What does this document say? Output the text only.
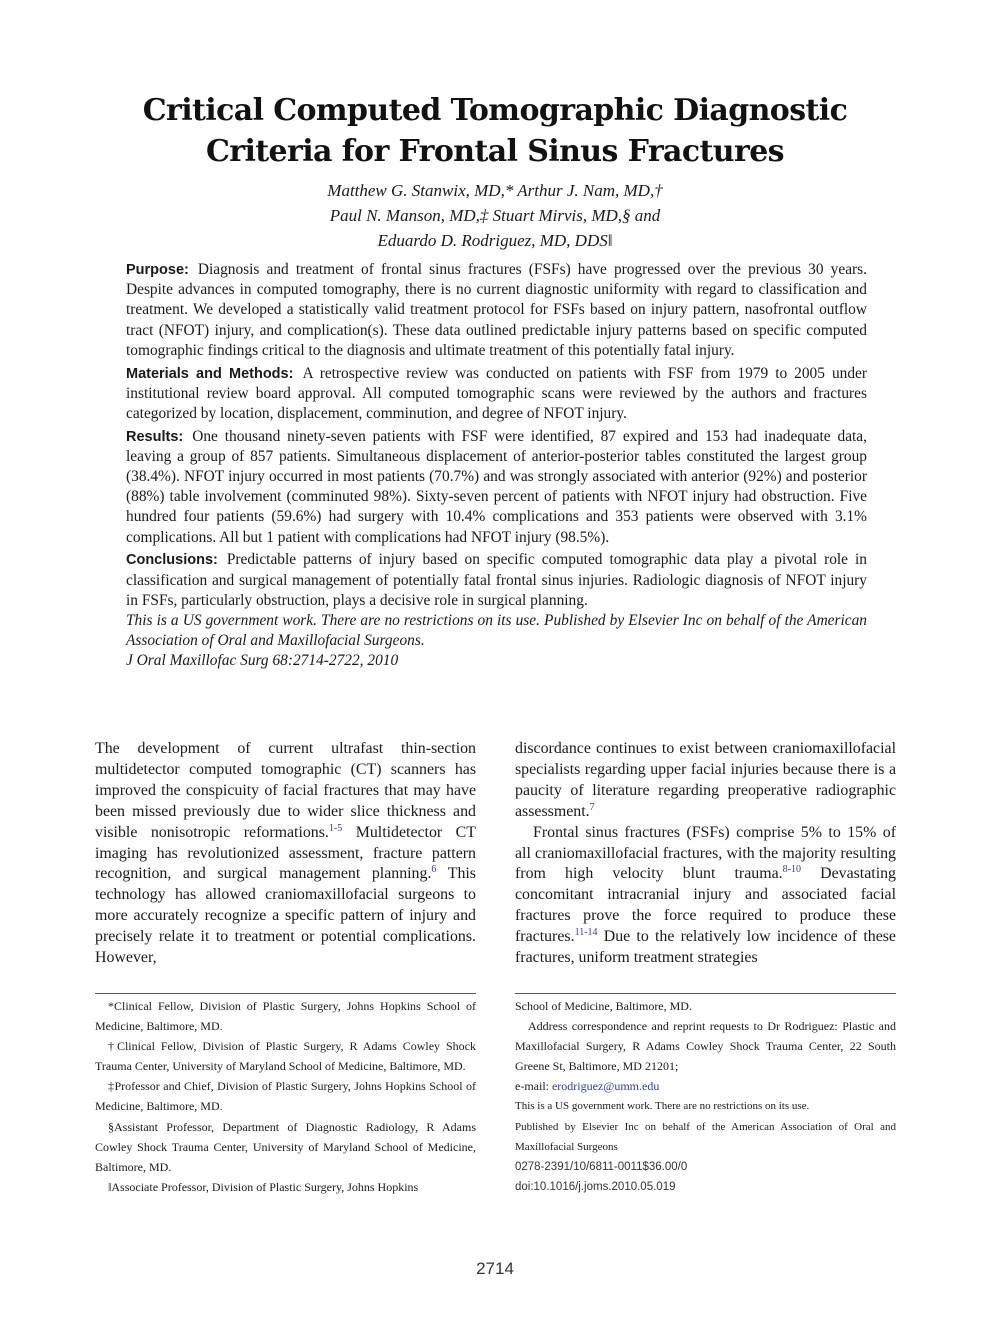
Critical Computed Tomographic Diagnostic
Criteria for Frontal Sinus Fractures
Matthew G. Stanwix, MD,* Arthur J. Nam, MD,†
Paul N. Manson, MD,‡ Stuart Mirvis, MD,§ and
Eduardo D. Rodriguez, MD, DDS‖

Purpose: Diagnosis and treatment of frontal sinus fractures (FSFs) have progressed over the previous 30 years. Despite advances in computed tomography, there is no current diagnostic uniformity with regard to classification and treatment. We developed a statistically valid treatment protocol for FSFs based on injury pattern, nasofrontal outflow tract (NFOT) injury, and complication(s). These data outlined predictable injury patterns based on specific computed tomographic findings critical to the diagnosis and ultimate treatment of this potentially fatal injury.

Materials and Methods: A retrospective review was conducted on patients with FSF from 1979 to 2005 under institutional review board approval. All computed tomographic scans were reviewed by the authors and fractures categorized by location, displacement, comminution, and degree of NFOT injury.

Results: One thousand ninety-seven patients with FSF were identified, 87 expired and 153 had inadequate data, leaving a group of 857 patients. Simultaneous displacement of anterior-posterior tables constituted the largest group (38.4%). NFOT injury occurred in most patients (70.7%) and was strongly associated with anterior (92%) and posterior (88%) table involvement (comminuted 98%). Sixty-seven percent of patients with NFOT injury had obstruction. Five hundred four patients (59.6%) had surgery with 10.4% complications and 353 patients were observed with 3.1% complications. All but 1 patient with complications had NFOT injury (98.5%).

Conclusions: Predictable patterns of injury based on specific computed tomographic data play a pivotal role in classification and surgical management of potentially fatal frontal sinus injuries. Radiologic diagnosis of NFOT injury in FSFs, particularly obstruction, plays a decisive role in surgical planning.

This is a US government work. There are no restrictions on its use. Published by Elsevier Inc on behalf of the American Association of Oral and Maxillofacial Surgeons.

J Oral Maxillofac Surg 68:2714-2722, 2010

The development of current ultrafast thin-section multidetector computed tomographic (CT) scanners has improved the conspicuity of facial fractures that may have been missed previously due to wider slice thickness and visible nonisotropic reformations.$^{1-5}$ Multidetector CT imaging has revolutionized assessment, fracture pattern recognition, and surgical management planning.$^6$ This technology has allowed craniomaxillofacial surgeons to more accurately recognize a specific pattern of injury and precisely relate it to treatment or potential complications. However,

discordance continues to exist between craniomaxillofacial specialists regarding upper facial injuries because there is a paucity of literature regarding preoperative radiographic assessment.$^7$

Frontal sinus fractures (FSFs) comprise 5% to 15% of all craniomaxillofacial fractures, with the majority resulting from high velocity blunt trauma.$^{8-10}$ Devastating concomitant intracranial injury and associated facial fractures prove the force required to produce these fractures.$^{11-14}$ Due to the relatively low incidence of these fractures, uniform treatment strategies

*Clinical Fellow, Division of Plastic Surgery, Johns Hopkins School of Medicine, Baltimore, MD.

†Clinical Fellow, Division of Plastic Surgery, R Adams Cowley Shock Trauma Center, University of Maryland School of Medicine, Baltimore, MD.

‡Professor and Chief, Division of Plastic Surgery, Johns Hopkins School of Medicine, Baltimore, MD.

§Assistant Professor, Department of Diagnostic Radiology, R Adams Cowley Shock Trauma Center, University of Maryland School of Medicine, Baltimore, MD.

‖Associate Professor, Division of Plastic Surgery, Johns Hopkins

School of Medicine, Baltimore, MD.

Address correspondence and reprint requests to Dr Rodriguez: Plastic and Maxillofacial Surgery, R Adams Cowley Shock Trauma Center, 22 South Greene St, Baltimore, MD 21201;

e-mail: erodriguez@umm.edu

This is a US government work. There are no restrictions on its use.

Published by Elsevier Inc on behalf of the American Association of Oral and Maxillofacial Surgeons

0278-2391/10/6811-0011$36.00/0

doi:10.1016/j.joms.2010.05.019

2714
